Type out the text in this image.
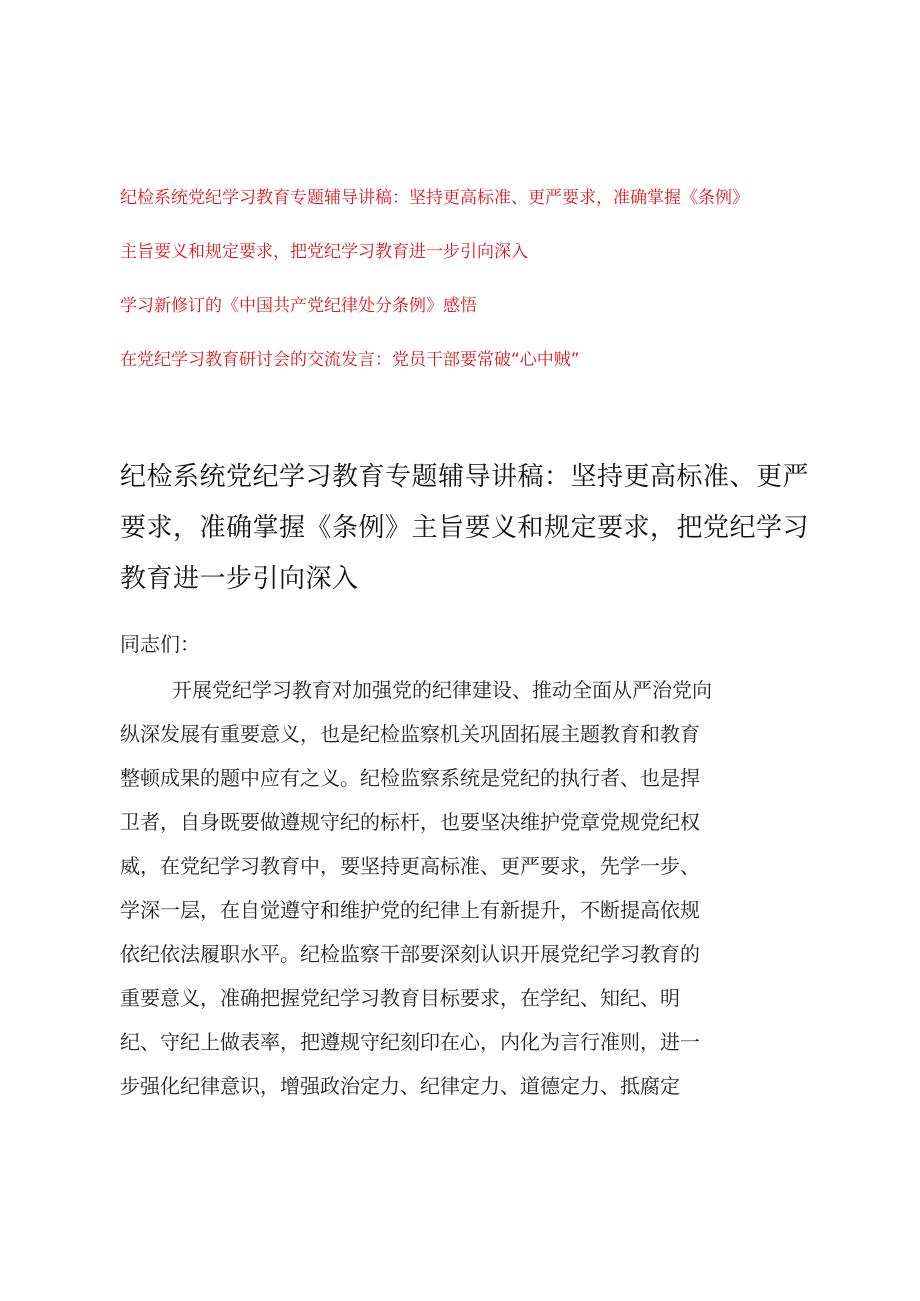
纪检系统党纪学习教育专题辅导讲稿：坚持更高标准、更严要求，准确掌握《条例》
主旨要义和规定要求，把党纪学习教育进一步引向深入
学习新修订的《中国共产党纪律处分条例》感悟
在党纪学习教育研讨会的交流发言：党员干部要常破“心中贼”
纪检系统党纪学习教育专题辅导讲稿：坚持更高标准、更严
要求，准确掌握《条例》主旨要义和规定要求，把党纪学习
教育进一步引向深入
同志们：
开展党纪学习教育对加强党的纪律建设、推动全面从严治党向
纵深发展有重要意义，也是纪检监察机关巩固拓展主题教育和教育
整顿成果的题中应有之义。纪检监察系统是党纪的执行者、也是捍
卫者，自身既要做遵规守纪的标杆，也要坚决维护党章党规党纪权
威，在党纪学习教育中，要坚持更高标准、更严要求，先学一步、
学深一层，在自觉遵守和维护党的纪律上有新提升，不断提高依规
依纪依法履职水平。纪检监察干部要深刻认识开展党纪学习教育的
重要意义，准确把握党纪学习教育目标要求，在学纪、知纪、明
纪、守纪上做表率，把遵规守纪刻印在心，内化为言行准则，进一
步强化纪律意识，增强政治定力、纪律定力、道德定力、抵腐定
